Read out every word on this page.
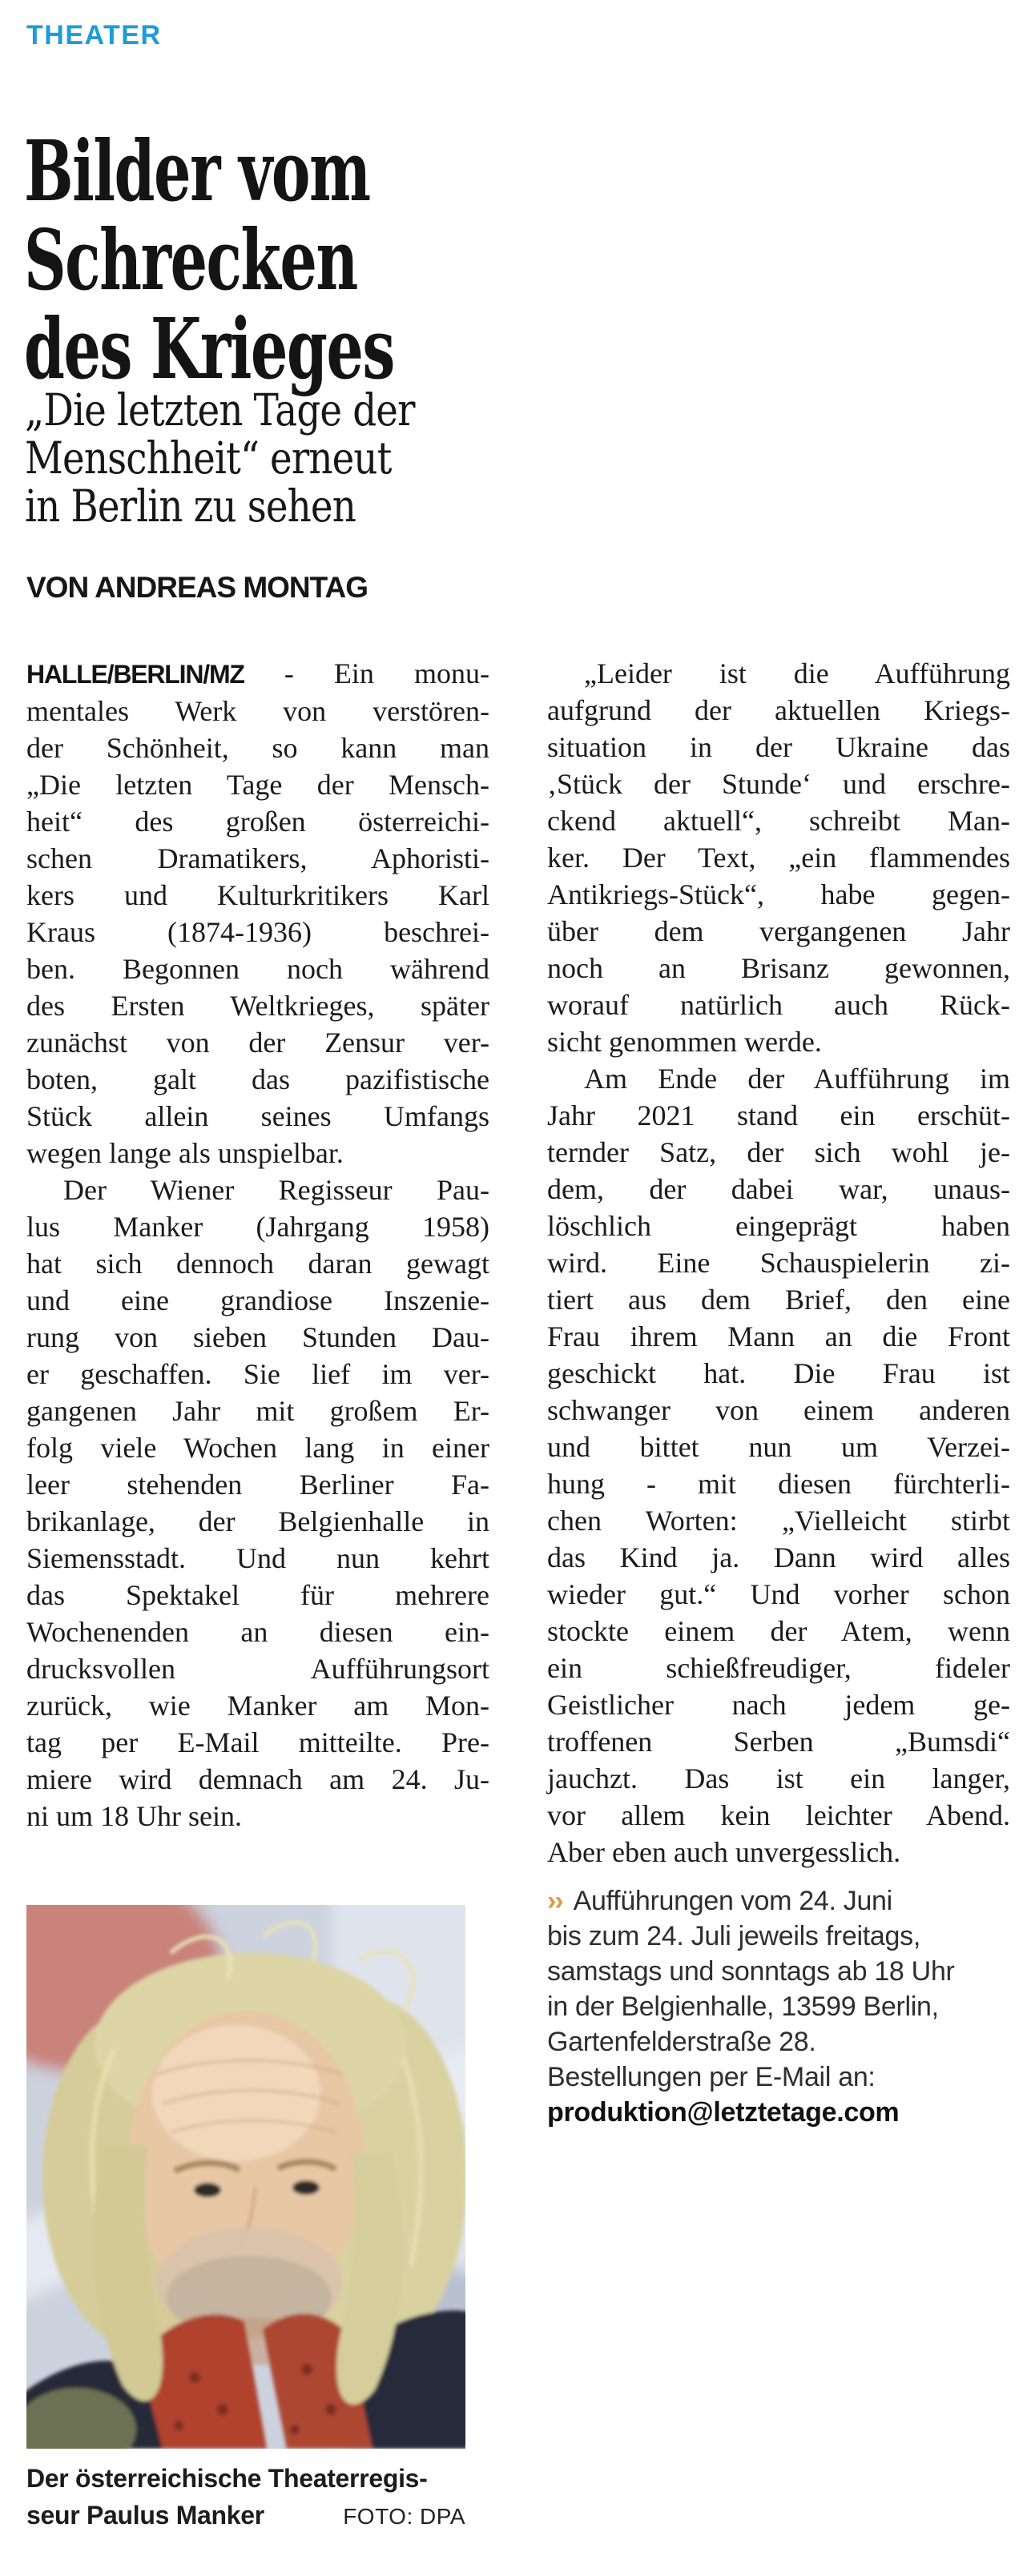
THEATER
Bilder vom
Schrecken
des Krieges
„Die letzten Tage der
Menschheit“ erneut
in Berlin zu sehen
VON ANDREAS MONTAG

HALLE/BERLIN/MZ - Ein monu-
mentales Werk von verstören-
der Schönheit, so kann man
„Die letzten Tage der Mensch-
heit“ des großen österreichi-
schen Dramatikers, Aphoristi-
kers und Kulturkritikers Karl
Kraus (1874-1936) beschrei-
ben. Begonnen noch während
des Ersten Weltkrieges, später
zunächst von der Zensur ver-
boten, galt das pazifistische
Stück allein seines Umfangs
wegen lange als unspielbar.

Der Wiener Regisseur Pau-
lus Manker (Jahrgang 1958)
hat sich dennoch daran gewagt
und eine grandiose Inszenie-
rung von sieben Stunden Dau-
er geschaffen. Sie lief im ver-
gangenen Jahr mit großem Er-
folg viele Wochen lang in einer
leer stehenden Berliner Fa-
brikanlage, der Belgienhalle in
Siemensstadt. Und nun kehrt
das Spektakel für mehrere
Wochenenden an diesen ein-
drucksvollen Aufführungsort
zurück, wie Manker am Mon-
tag per E-Mail mitteilte. Pre-
miere wird demnach am 24. Ju-
ni um 18 Uhr sein.

„Leider ist die Aufführung
aufgrund der aktuellen Kriegs-
situation in der Ukraine das
‚Stück der Stunde‘ und erschre-
ckend aktuell“, schreibt Man-
ker. Der Text, „ein flammendes
Antikriegs-Stück“, habe gegen-
über dem vergangenen Jahr
noch an Brisanz gewonnen,
worauf natürlich auch Rück-
sicht genommen werde.

Am Ende der Aufführung im
Jahr 2021 stand ein erschüt-
ternder Satz, der sich wohl je-
dem, der dabei war, unaus-
löschlich eingeprägt haben
wird. Eine Schauspielerin zi-
tiert aus dem Brief, den eine
Frau ihrem Mann an die Front
geschickt hat. Die Frau ist
schwanger von einem anderen
und bittet nun um Verzei-
hung - mit diesen fürchterli-
chen Worten: „Vielleicht stirbt
das Kind ja. Dann wird alles
wieder gut.“ Und vorher schon
stockte einem der Atem, wenn
ein schießfreudiger, fideler
Geistlicher nach jedem ge-
troffenen Serben „Bumsdi“
jauchzt. Das ist ein langer,
vor allem kein leichter Abend.
Aber eben auch unvergesslich.

›› Aufführungen vom 24. Juni
bis zum 24. Juli jeweils freitags,
samstags und sonntags ab 18 Uhr
in der Belgienhalle, 13599 Berlin,
Gartenfelderstraße 28.
Bestellungen per E-Mail an:
produktion@letztetage.com
Der österreichische Theaterregis-
seur Paulus Manker	FOTO: DPA
